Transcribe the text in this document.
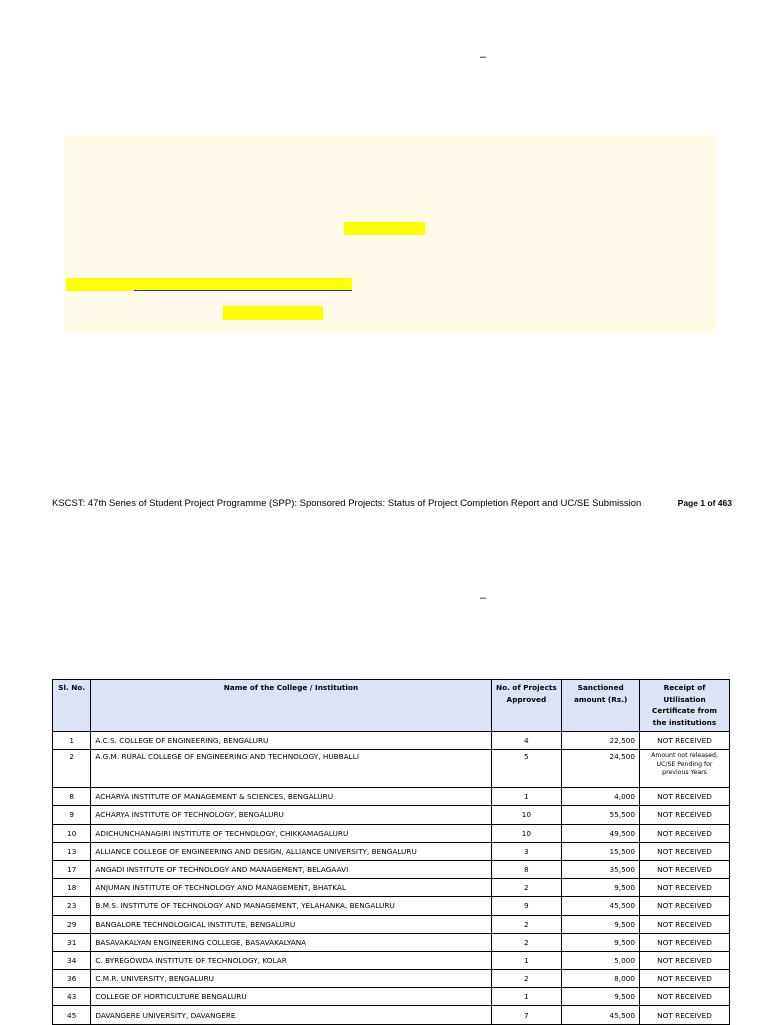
–
KSCST: 47th Series of Student Project Programme (SPP): Sponsored Projects: Status of Project Completion Report and UC/SE Submission	Page 1 of 463
–
Sl. No.	Name of the College / Institution	No. of Projects Approved	Sanctioned amount (Rs.)	Receipt of Utilisation Certificate from the institutions
1	A.C.S. COLLEGE OF ENGINEERING, BENGALURU	4	22,500	NOT RECEIVED
2	A.G.M. RURAL COLLEGE OF ENGINEERING AND TECHNOLOGY, HUBBALLI	5	24,500	Amount not released, UC/SE Pending for previous Years
8	ACHARYA INSTITUTE OF MANAGEMENT & SCIENCES, BENGALURU	1	4,000	NOT RECEIVED
9	ACHARYA INSTITUTE OF TECHNOLOGY, BENGALURU	10	55,500	NOT RECEIVED
10	ADICHUNCHANAGIRI INSTITUTE OF TECHNOLOGY, CHIKKAMAGALURU	10	49,500	NOT RECEIVED
13	ALLIANCE COLLEGE OF ENGINEERING AND DESIGN, ALLIANCE UNIVERSITY, BENGALURU	3	15,500	NOT RECEIVED
17	ANGADI INSTITUTE OF TECHNOLOGY AND MANAGEMENT, BELAGAAVI	8	35,500	NOT RECEIVED
18	ANJUMAN INSTITUTE OF TECHNOLOGY AND MANAGEMENT, BHATKAL	2	9,500	NOT RECEIVED
23	B.M.S. INSTITUTE OF TECHNOLOGY AND MANAGEMENT, YELAHANKA, BENGALURU	9	45,500	NOT RECEIVED
29	BANGALORE TECHNOLOGICAL INSTITUTE, BENGALURU	2	9,500	NOT RECEIVED
31	BASAVAKALYAN ENGINEERING COLLEGE, BASAVAKALYANA	2	9,500	NOT RECEIVED
34	C. BYREGOWDA INSTITUTE OF TECHNOLOGY, KOLAR	1	5,000	NOT RECEIVED
36	C.M.R. UNIVERSITY, BENGALURU	2	8,000	NOT RECEIVED
43	COLLEGE OF HORTICULTURE BENGALURU	1	9,500	NOT RECEIVED
45	DAVANGERE UNIVERSITY, DAVANGERE	7	45,500	NOT RECEIVED
